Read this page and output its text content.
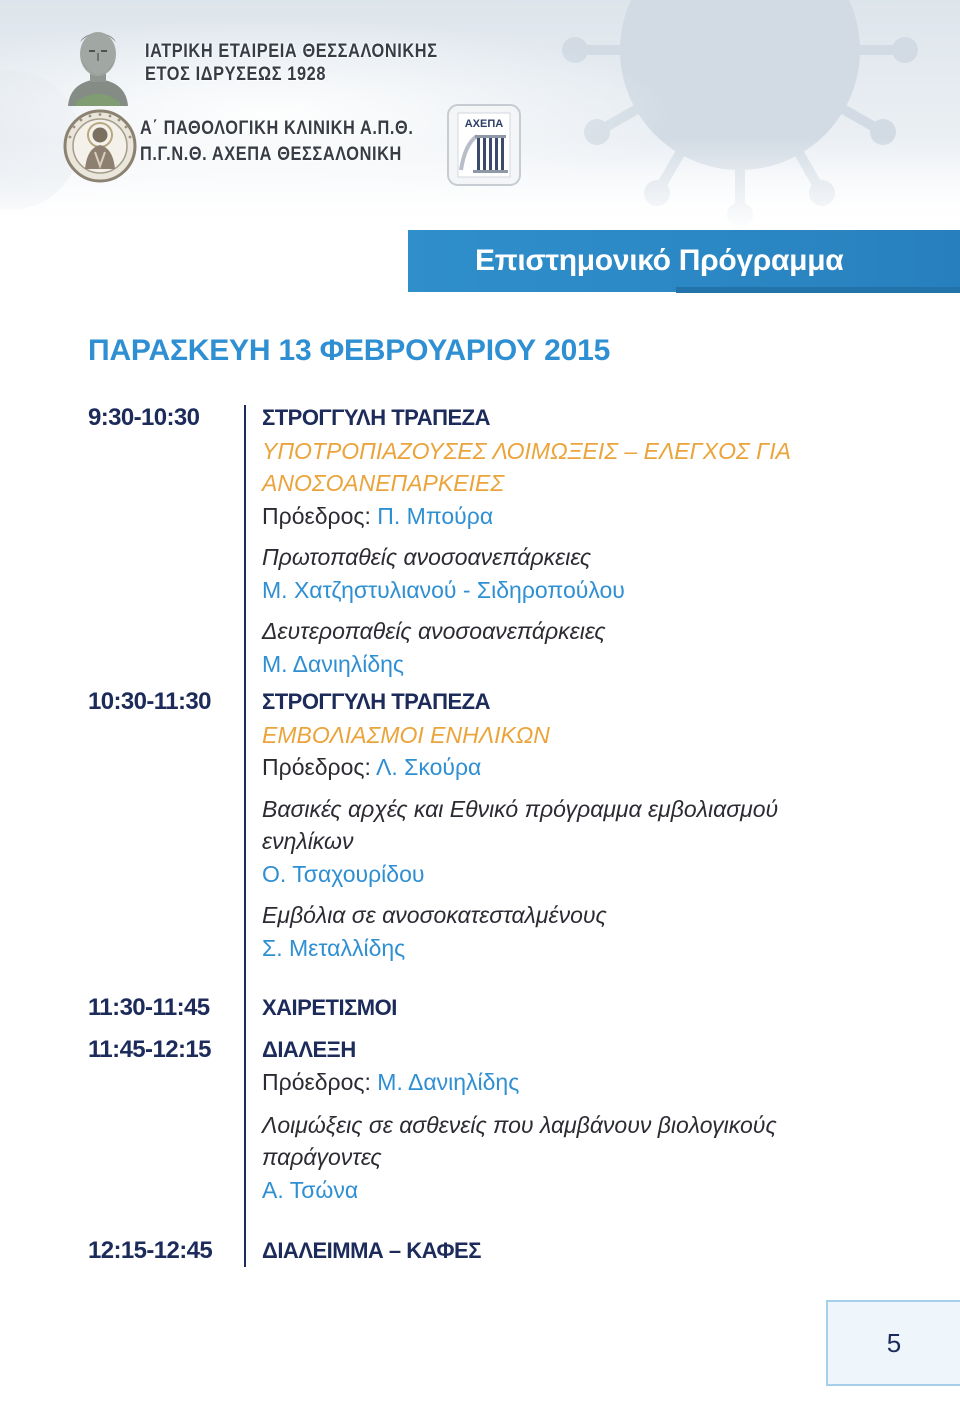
ΙΑΤΡΙΚΗ ΕΤΑΙΡΕΙΑ ΘΕΣΣΑΛΟΝΙΚΗΣ
ΕΤΟΣ ΙΔΡΥΣΕΩΣ 1928
Α΄ ΠΑΘΟΛΟΓΙΚΗ ΚΛΙΝΙΚΗ Α.Π.Θ.
Π.Γ.Ν.Θ. ΑΧΕΠΑ ΘΕΣΣΑΛΟΝΙΚΗ
ΑΧΕΠΑ
Επιστημονικό Πρόγραμμα
ΠΑΡΑΣΚΕΥΗ 13 ΦΕΒΡΟΥΑΡΙΟΥ 2015
9:30-10:30	ΣΤΡΟΓΓΥΛΗ ΤΡΑΠΕΖΑ
ΥΠΟΤΡΟΠΙΑΖΟΥΣΕΣ ΛΟΙΜΩΞΕΙΣ – ΕΛΕΓΧΟΣ ΓΙΑ
ΑΝΟΣΟΑΝΕΠΑΡΚΕΙΕΣ
Πρόεδρος: Π. Μπούρα
Πρωτοπαθείς ανοσοανεπάρκειες
Μ. Χατζηστυλιανού - Σιδηροπούλου
Δευτεροπαθείς ανοσοανεπάρκειες
Μ. Δανιηλίδης
10:30-11:30	ΣΤΡΟΓΓΥΛΗ ΤΡΑΠΕΖΑ
ΕΜΒΟΛΙΑΣΜΟΙ ΕΝΗΛΙΚΩΝ
Πρόεδρος: Λ. Σκούρα
Βασικές αρχές και Εθνικό πρόγραμμα εμβολιασμού
ενηλίκων
Ο. Τσαχουρίδου
Εμβόλια σε ανοσοκατεσταλμένους
Σ. Μεταλλίδης
11:30-11:45	ΧΑΙΡΕΤΙΣΜΟΙ
11:45-12:15	ΔΙΑΛΕΞΗ
Πρόεδρος: Μ. Δανιηλίδης
Λοιμώξεις σε ασθενείς που λαμβάνουν βιολογικούς
παράγοντες
Α. Τσώνα
12:15-12:45	ΔΙΑΛΕΙΜΜΑ – ΚΑΦΕΣ
5
